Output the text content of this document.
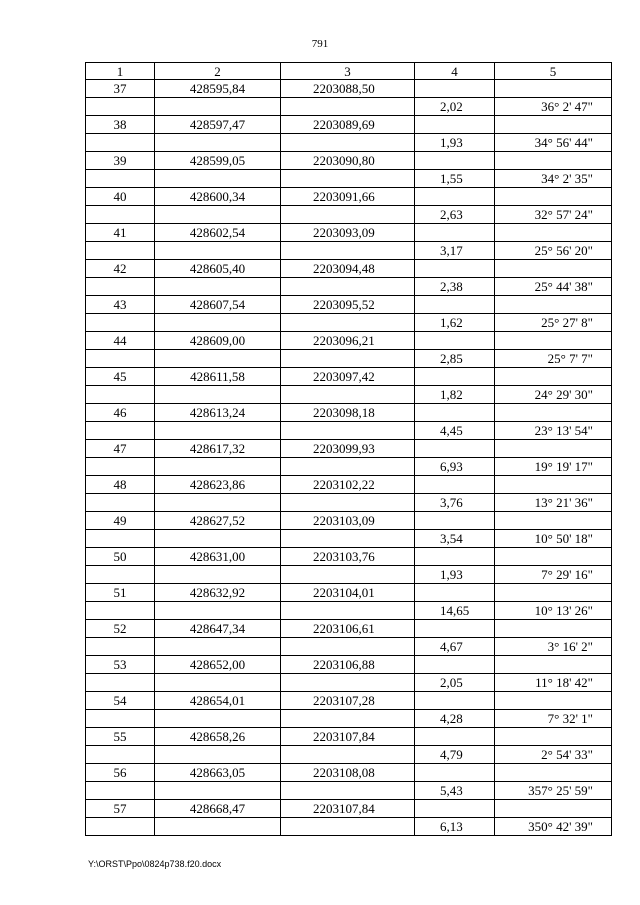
791
1	2	3	4	5
37	428595,84	2203088,50		
			2,02	36° 2' 47"
38	428597,47	2203089,69		
			1,93	34° 56' 44"
39	428599,05	2203090,80		
			1,55	34° 2' 35"
40	428600,34	2203091,66		
			2,63	32° 57' 24"
41	428602,54	2203093,09		
			3,17	25° 56' 20"
42	428605,40	2203094,48		
			2,38	25° 44' 38"
43	428607,54	2203095,52		
			1,62	25° 27' 8"
44	428609,00	2203096,21		
			2,85	25° 7' 7"
45	428611,58	2203097,42		
			1,82	24° 29' 30"
46	428613,24	2203098,18		
			4,45	23° 13' 54"
47	428617,32	2203099,93		
			6,93	19° 19' 17"
48	428623,86	2203102,22		
			3,76	13° 21' 36"
49	428627,52	2203103,09		
			3,54	10° 50' 18"
50	428631,00	2203103,76		
			1,93	7° 29' 16"
51	428632,92	2203104,01		
			14,65	10° 13' 26"
52	428647,34	2203106,61		
			4,67	3° 16' 2"
53	428652,00	2203106,88		
			2,05	11° 18' 42"
54	428654,01	2203107,28		
			4,28	7° 32' 1"
55	428658,26	2203107,84		
			4,79	2° 54' 33"
56	428663,05	2203108,08		
			5,43	357° 25' 59"
57	428668,47	2203107,84		
			6,13	350° 42' 39"
Y:\ORST\Ppo\0824p738.f20.docx
